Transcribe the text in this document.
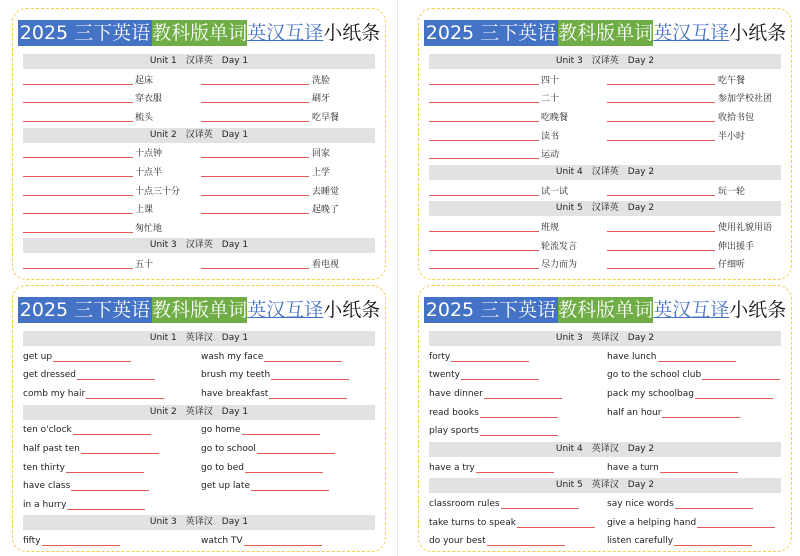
2025 三下英语 教科版单词英汉互译小纸条
Unit 1　汉译英　Day 1
起床	洗脸
穿衣服	刷牙
梳头	吃早餐
Unit 2　汉译英　Day 1
十点钟	回家
十点半	上学
十点三十分	去睡觉
上课	起晚了
匆忙地
Unit 3　汉译英　Day 1
五十	看电视
2025 三下英语 教科版单词英汉互译小纸条
Unit 3　汉译英　Day 2
四十	吃午餐
二十	参加学校社团
吃晚餐	收拾书包
读书	半小时
运动
Unit 4　汉译英　Day 2
试一试	玩一轮
Unit 5　汉译英　Day 2
班规	使用礼貌用语
轮流发言	伸出援手
尽力而为	仔细听
2025 三下英语 教科版单词英汉互译小纸条
Unit 1　英译汉　Day 1
get up	wash my face
get dressed	brush my teeth
comb my hair	have breakfast
Unit 2　英译汉　Day 1
ten o'clock	go home
half past ten	go to school
ten thirty	go to bed
have class	get up late
in a hurry
Unit 3　英译汉　Day 1
fifty	watch TV
2025 三下英语 教科版单词英汉互译小纸条
Unit 3　英译汉　Day 2
forty	have lunch
twenty	go to the school club
have dinner	pack my schoolbag
read books	half an hour
play sports
Unit 4　英译汉　Day 2
have a try	have a turn
Unit 5　英译汉　Day 2
classroom rules	say nice words
take turns to speak	give a helping hand
do your best	listen carefully
